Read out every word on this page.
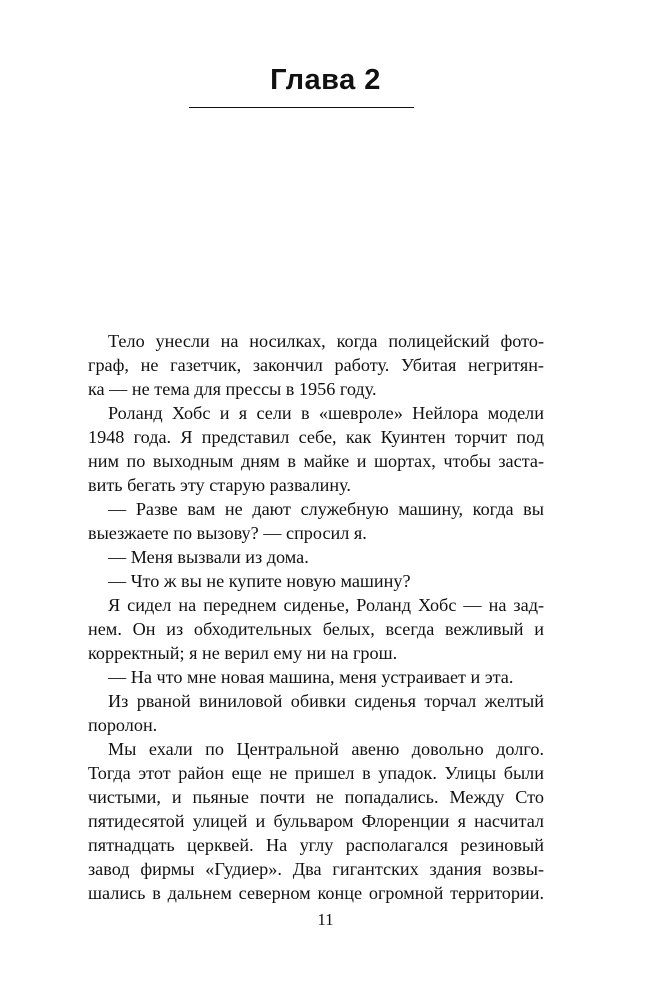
Глава 2
Тело унесли на носилках, когда полицейский фото-
граф, не газетчик, закончил работу. Убитая негритян-
ка — не тема для прессы в 1956 году.
Роланд Хобс и я сели в «шевроле» Нейлора модели
1948 года. Я представил себе, как Куинтен торчит под
ним по выходным дням в майке и шортах, чтобы заста-
вить бегать эту старую развалину.
— Разве вам не дают служебную машину, когда вы
выезжаете по вызову? — спросил я.
— Меня вызвали из дома.
— Что ж вы не купите новую машину?
Я сидел на переднем сиденье, Роланд Хобс — на зад-
нем. Он из обходительных белых, всегда вежливый и
корректный; я не верил ему ни на грош.
— На что мне новая машина, меня устраивает и эта.
Из рваной виниловой обивки сиденья торчал желтый
поролон.
Мы ехали по Центральной авеню довольно долго.
Тогда этот район еще не пришел в упадок. Улицы были
чистыми, и пьяные почти не попадались. Между Сто
пятидесятой улицей и бульваром Флоренции я насчитал
пятнадцать церквей. На углу располагался резиновый
завод фирмы «Гудиер». Два гигантских здания возвы-
шались в дальнем северном конце огромной территории.
11
